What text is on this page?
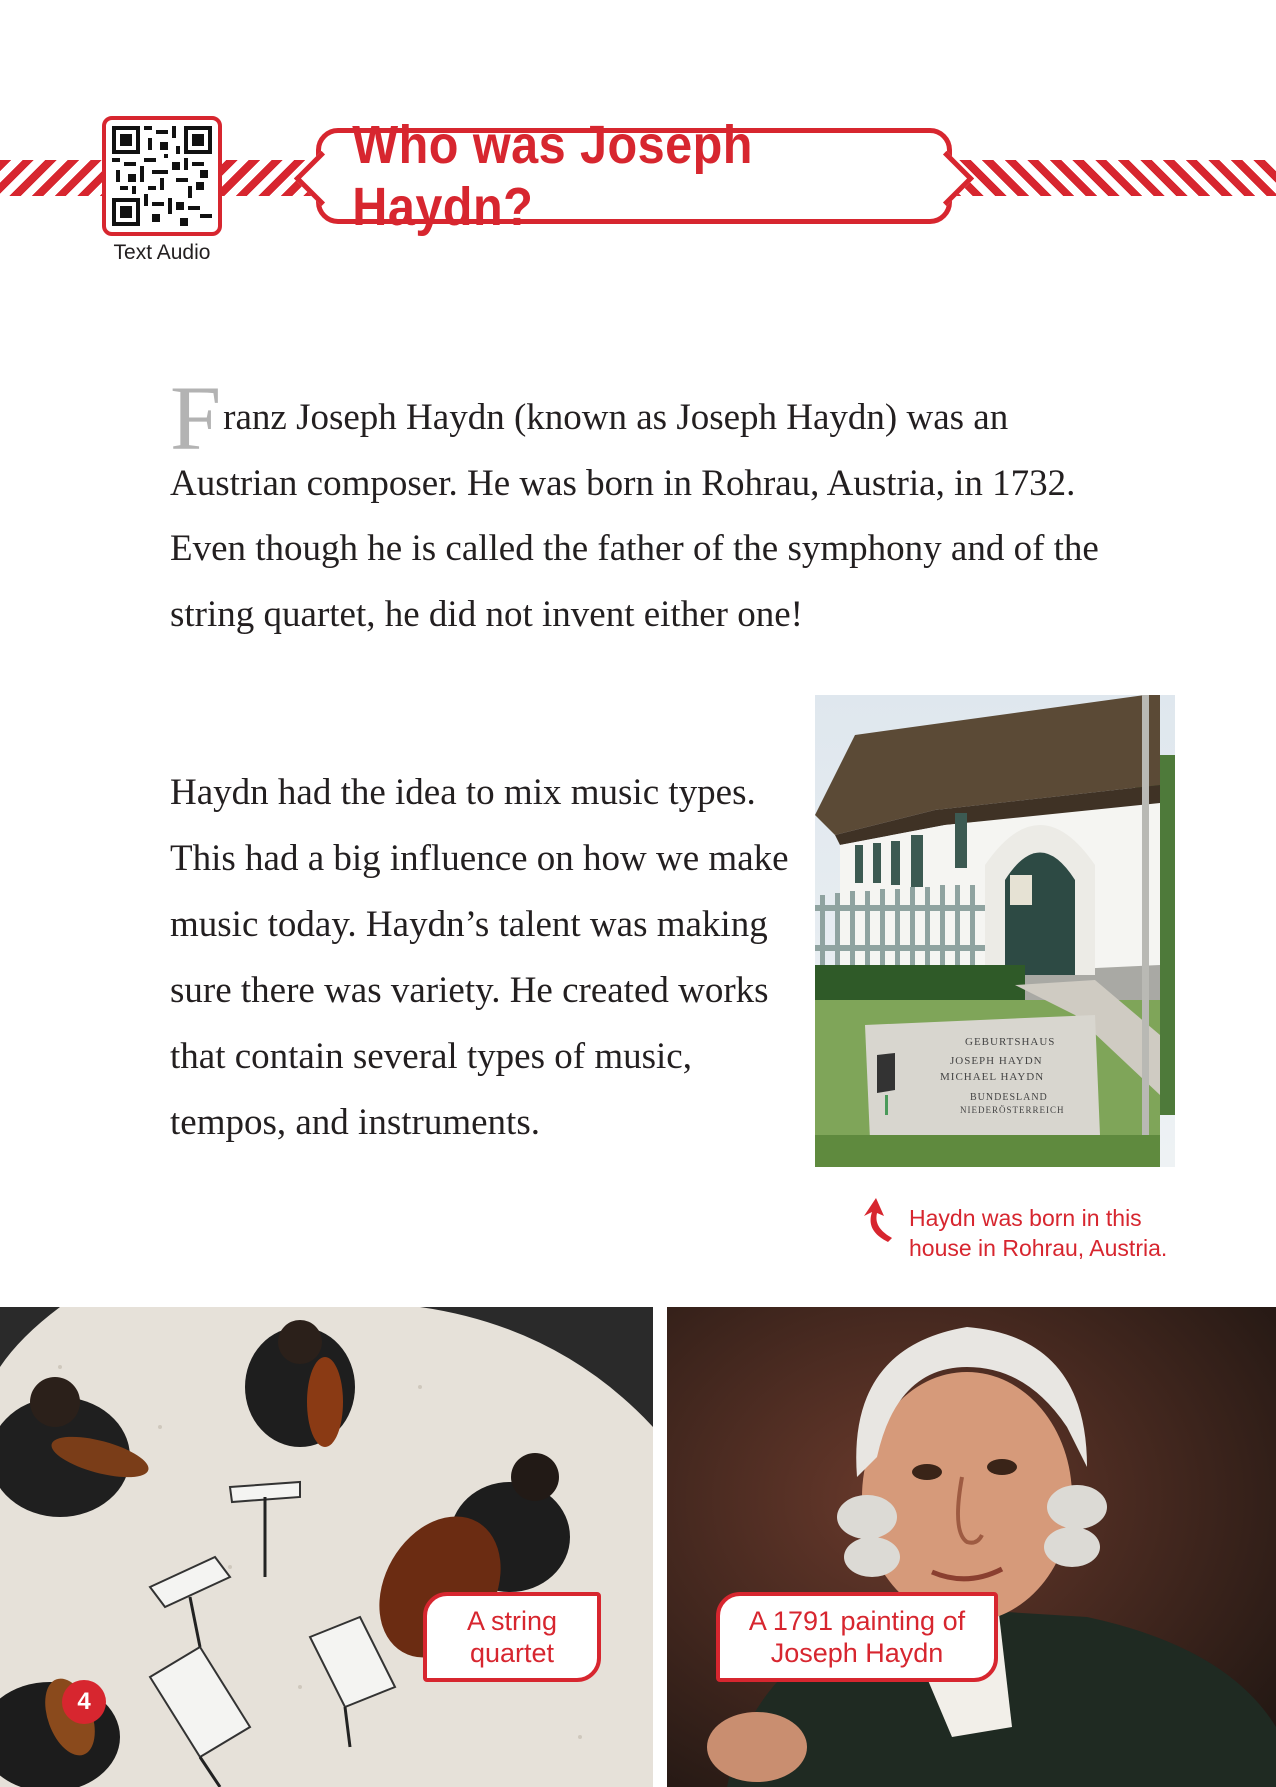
Text Audio
Who was Joseph Haydn?
Franz Joseph Haydn (known as Joseph Haydn) was an Austrian composer. He was born in Rohrau, Austria, in 1732. Even though he is called the father of the symphony and of the string quartet, he did not invent either one!
Haydn had the idea to mix music types. This had a big influence on how we make music today. Haydn’s talent was making sure there was variety. He created works that contain several types of music, tempos, and instruments.
GEBURTSHAUS
JOSEPH HAYDN
MICHAEL HAYDN
BUNDESLAND
NIEDERÖSTERREICH
Haydn was born in this
house in Rohrau, Austria.
A string
quartet
A 1791 painting of
Joseph Haydn
4
